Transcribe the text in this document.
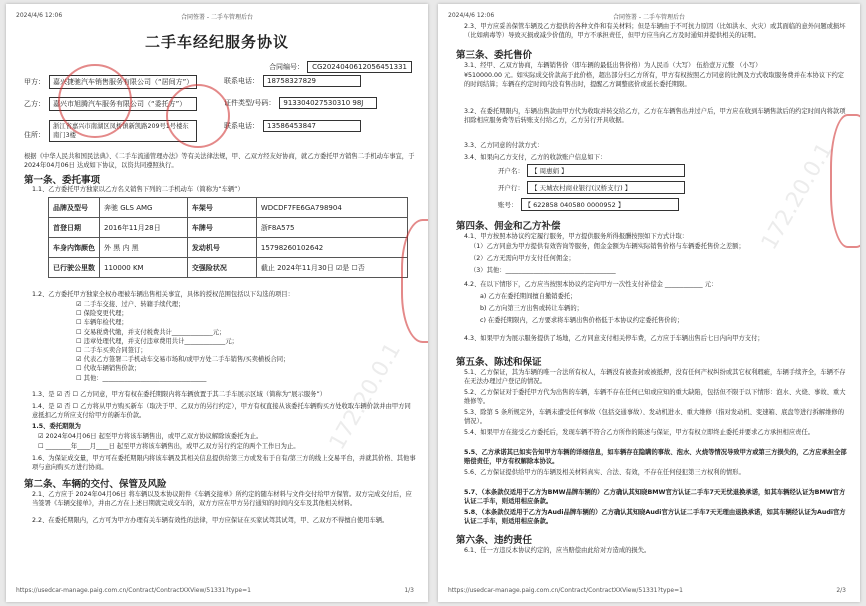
2024/4/6 12:06	合同签署 - 二手车管理后台
二手车经纪服务协议
合同编号： CG2024040612056451331
甲方： 嘉兴捷驰汽车销售服务有限公司（“居间方”）	联系电话： 18758327829
乙方： 嘉兴市旭腾汽车服务有限公司（“委托方”）	证件类型/号码： 913304027530310 98J
住所：浙江省嘉兴市南湖区凤桥镇新凯路209号1号楼东南门3楼
联系电话： 13586453847
根据《中华人民共和国民法典》、《二手车流通管理办法》等有关法律法规，甲、乙双方经友好协商，就乙方委托甲方销售二手机动车事宜，于 2024年04月06日 达成如下协议，以资共同遵照执行。
第一条、委托事项
1.1、乙方委托甲方独家以乙方名义销售下列的二手机动车（简称为“车辆”）
品牌及型号	奔驰 GLS AMG	车架号	WDCDF7FE6GA798904
首登日期	2016年11月28日	车牌号	浙F8A575
车身内饰颜色	外 黑 内 黑	发动机号	15798260102642
已行驶公里数	110000 KM	交强险状况	截止 2024年11月30日 ☑是 ☐否
1.2、乙方委托甲方独家全权办理被车辆出售相关事宜，具体的授权范围包括以下勾选的项目：
☑ 二手车交接、过户、转籍手续代理；
☐ 保险变更代理；
☐ 车辆年检代理；
☐ 交易税费代缴，并支付税费共计_____________元；
☐ 违章处理代理，并支付违章费用共计_____________元；
☐ 二手车买卖合同签订；
☑ 代表乙方签署二手机动车交易市场和/或甲方处二手车销售/买卖横板合同；
☐ 代收车辆销售价款；
☐ 其他：_________________________________
1.3、是 ☑ 否 ☐ 乙方同意，甲方有权在委托期限内将车辆放置于其二手车展示区域（简称为“展示服务”）
1.4、是 ☑ 否 ☐ 乙方将从甲方购买新车（取决于甲、乙双方的另行约定），甲方有权直接从该委托车辆购买方处收取车辆价款并由甲方同意抵扣乙方所应支付给甲方的新车价款。
1.5、委托期限为
☑ 2024年04月06日 起至甲方将该车辆售出，或甲乙双方协议解除该委托为止。
☐ ________年____月____日 起至甲方将该车辆售出，或甲乙双方另行约定的两个工作日为止。
1.6、为保证成交量，甲方可在委托期限内将该车辆及其相关信息提供给第三方或发布于自有/第三方的线上交易平台，并就其价格、其他事项与意向购买方进行协商。
第二条、车辆的交付、保管及风险
2.1、乙方应于 2024年04月06日 将车辆以及本协议附件《车辆交接单》所约定的随车材料与文件交付给甲方保管。双方完成交付后，应当签署《车辆交接单》，并由乙方在上述日期就完成交车的，双方方应在甲方另行通知的时间内交车及其他相关材料。
2.2、在委托期限内，乙方可为甲方办理有关车辆有效性的法律，甲方应保证在买家试驾其试驾，甲、乙双方不得擅自使用车辆。
172.20.0.1
https://usedcar-manage.paig.com.cn/Contract/ContractXXView/51331?type=1	1/3
2024/4/6 12:06	合同签署 - 二手车管理后台
2.3、甲方应妥善保管车辆及乙方提供的各种文件和有关材料；但是车辆由于不可抗力原因（比如洪水、火灾）或其面临的意外问题或损坏（比如病毒等）导致灭损或减少价值的，甲方不承担责任，但甲方应当向乙方及时通知并提供相关的证明。
第三条、委托售价
3.1、经甲、乙双方协商，车辆销售价（即车辆的最低出售价格）为人民币（大写） 伍拾壹万元整 （小写）
¥510000.00 元。如实际成交价款高于此价格，超出部分归乙方所有，甲方有权按照乙方同意的比例及方式收取服务费并在本协议下约定的时间结算；车辆在约定时间内没有售出时，提醒乙方调整底价或延长委托期限。
3.2、在委托期限内，车辆出售款由甲方代为收取并转交给乙方，乙方在车辆售出并过户后，甲方应在收到车辆售款后的约定时间内将款项扣除相应服务费等后转账支付给乙方，乙方另行开具收据。
3.3、乙方同意的付款方式：
3.4、如果向乙方支付，乙方的收款账户信息如下：
开户名： 【 周惠娟 】
开户行： 【 天城农村商业银行(汉桥支行) 】
账号： 【 622858 040580 0000952 】
第四条、佣金和乙方补偿
4.1、甲方按照本协议约定履行服务，甲方提供服务所得报酬按照如下方式计取：
（1）乙方同意为甲方提供有效咨询等服务，佣金金额为车辆实际销售价格与车辆委托售价之差额；
（2）乙方无需向甲方支付任何佣金；
（3）其他：___________________________________
4.2、在以下情形下，乙方应当按照本协议约定向甲方一次性支付补偿金 ____________ 元：
a) 乙方在委托期间擅自撤销委托；
b) 乙方向第三方出售或转让车辆的；
c) 在委托期限内，乙方要求将车辆出售价格低于本协议约定委托售价的；
4.3、如果甲方为展示服务提供了场地，乙方同意支付相关停车费，乙方应于车辆出售后七日内向甲方支付；
第五条、陈述和保证
5.1、乙方保证，其为车辆的唯一合法所有权人，车辆没有被查封或被抵押，没有任何产权纠纷或其它权利瑕疵，车辆手续齐全，车辆不存在无法办理过户登记的情况。
5.2、乙方保证对于委托甲方代为出售的车辆，车辆不存在任何已知或应知的重大缺陷，包括但不限于以下情形：泡水、火烧、事故、重大维修等。
5.3、除第 5 条所规定外，车辆未遭受任何事故（包括交通事故）、发动机进水、重大维修（指对发动机、变速箱、底盘等进行拆解维修的情况）。
5.4、如果甲方在接受乙方委托后，发现车辆不符合乙方所作的陈述与保证，甲方有权立即终止委托并要求乙方承担相应责任。
5.5、乙方承诺其已如实告知甲方车辆的详细信息，如车辆存在隐瞒的事故、泡水、火烧等情况导致甲方或第三方损失的，乙方应承担全部赔偿责任，甲方有权解除本协议。
5.6、乙方保证提供给甲方的车辆及相关材料真实、合法、有效，不存在任何侵犯第三方权利的情形。
5.7、（本条款仅适用于乙方为BMW品牌车辆的）乙方确认其知晓BMW官方认证二手车7天无忧退换承诺，如其车辆经认证为BMW官方认证二手车，则适用相应条款。
5.8、（本条款仅适用于乙方为Audi品牌车辆的）乙方确认其知晓Audi官方认证二手车7天无理由退换承诺，如其车辆经认证为Audi官方认证二手车，则适用相应条款。
第六条、违约责任
6.1、任一方违反本协议约定的，应当赔偿由此给对方造成的损失。
172.20.0.1
https://usedcar-manage.paig.com.cn/Contract/ContractXXView/51331?type=1	2/3
